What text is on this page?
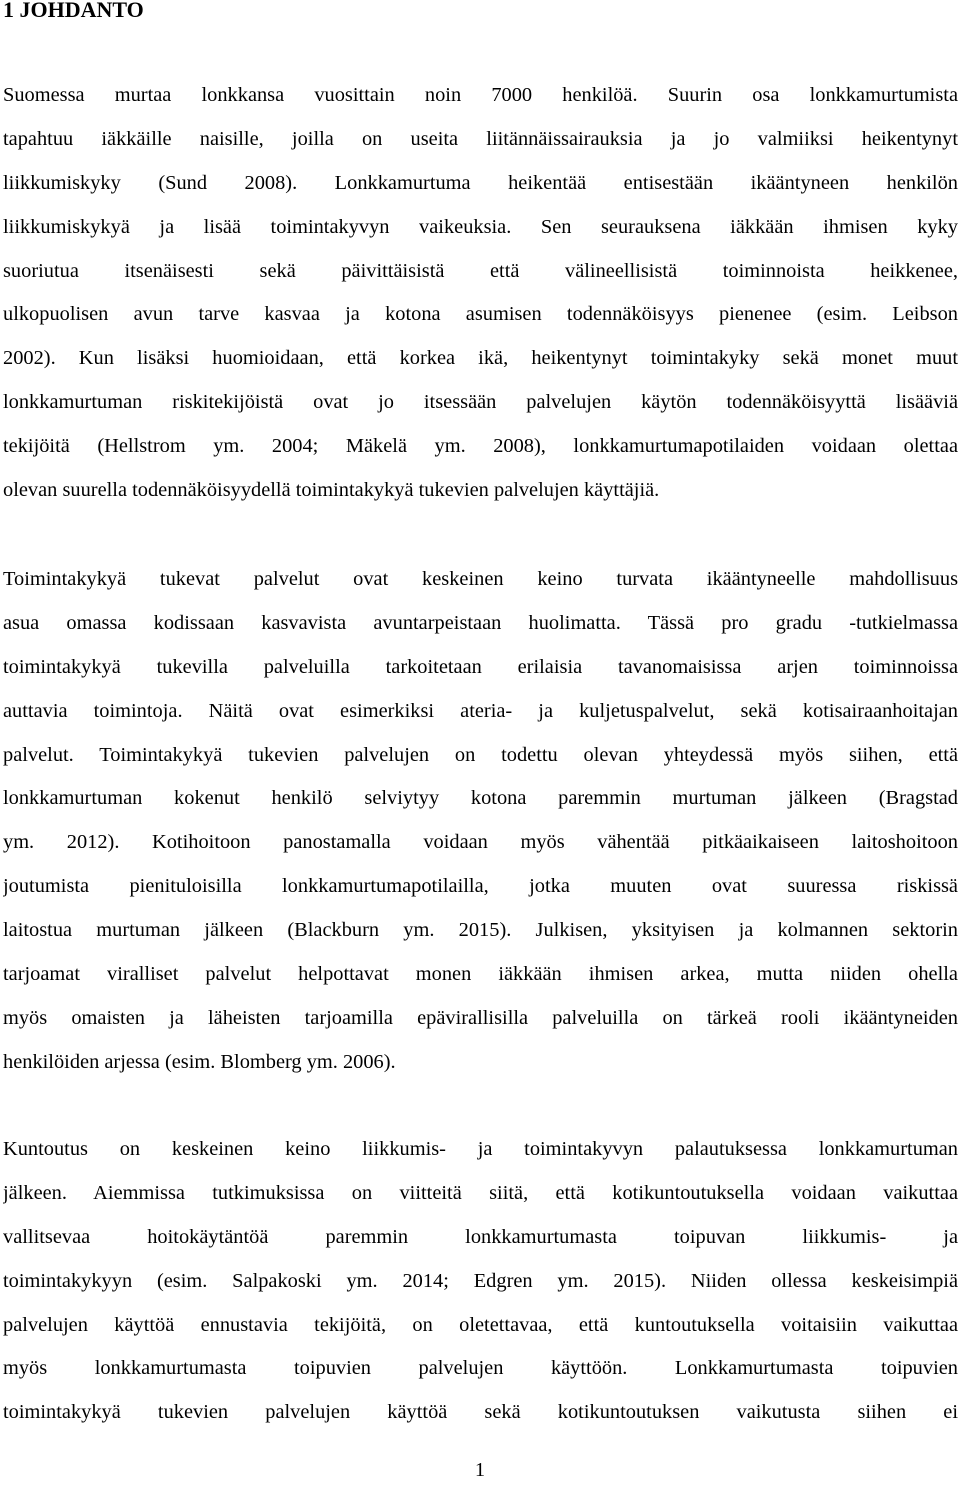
1 JOHDANTO
Suomessa murtaa lonkkansa vuosittain noin 7000 henkilöä. Suurin osa lonkkamurtumista
tapahtuu iäkkäille naisille, joilla on useita liitännäissairauksia ja jo valmiiksi heikentynyt
liikkumiskyky (Sund 2008). Lonkkamurtuma heikentää entisestään ikääntyneen henkilön
liikkumiskykyä ja lisää toimintakyvyn vaikeuksia. Sen seurauksena iäkkään ihmisen kyky
suoriutua itsenäisesti sekä päivittäisistä että välineellisistä toiminnoista heikkenee,
ulkopuolisen avun tarve kasvaa ja kotona asumisen todennäköisyys pienenee (esim. Leibson
2002). Kun lisäksi huomioidaan, että korkea ikä, heikentynyt toimintakyky sekä monet muut
lonkkamurtuman riskitekijöistä ovat jo itsessään palvelujen käytön todennäköisyyttä lisääviä
tekijöitä (Hellstrom ym. 2004; Mäkelä ym. 2008), lonkkamurtumapotilaiden voidaan olettaa
olevan suurella todennäköisyydellä toimintakykyä tukevien palvelujen käyttäjiä.
Toimintakykyä tukevat palvelut ovat keskeinen keino turvata ikääntyneelle mahdollisuus
asua omassa kodissaan kasvavista avuntarpeistaan huolimatta. Tässä pro gradu -tutkielmassa
toimintakykyä tukevilla palveluilla tarkoitetaan erilaisia tavanomaisissa arjen toiminnoissa
auttavia toimintoja. Näitä ovat esimerkiksi ateria- ja kuljetuspalvelut, sekä kotisairaanhoitajan
palvelut. Toimintakykyä tukevien palvelujen on todettu olevan yhteydessä myös siihen, että
lonkkamurtuman kokenut henkilö selviytyy kotona paremmin murtuman jälkeen (Bragstad
ym. 2012). Kotihoitoon panostamalla voidaan myös vähentää pitkäaikaiseen laitoshoitoon
joutumista pienituloisilla lonkkamurtumapotilailla, jotka muuten ovat suuressa riskissä
laitostua murtuman jälkeen (Blackburn ym. 2015). Julkisen, yksityisen ja kolmannen sektorin
tarjoamat viralliset palvelut helpottavat monen iäkkään ihmisen arkea, mutta niiden ohella
myös omaisten ja läheisten tarjoamilla epävirallisilla palveluilla on tärkeä rooli ikääntyneiden
henkilöiden arjessa (esim. Blomberg ym. 2006).
Kuntoutus on keskeinen keino liikkumis- ja toimintakyvyn palautuksessa lonkkamurtuman
jälkeen. Aiemmissa tutkimuksissa on viitteitä siitä, että kotikuntoutuksella voidaan vaikuttaa
vallitsevaa hoitokäytäntöä paremmin lonkkamurtumasta toipuvan liikkumis- ja
toimintakykyyn (esim. Salpakoski ym. 2014; Edgren ym. 2015). Niiden ollessa keskeisimpiä
palvelujen käyttöä ennustavia tekijöitä, on oletettavaa, että kuntoutuksella voitaisiin vaikuttaa
myös lonkkamurtumasta toipuvien palvelujen käyttöön. Lonkkamurtumasta toipuvien
toimintakykyä tukevien palvelujen käyttöä sekä kotikuntoutuksen vaikutusta siihen ei
1
